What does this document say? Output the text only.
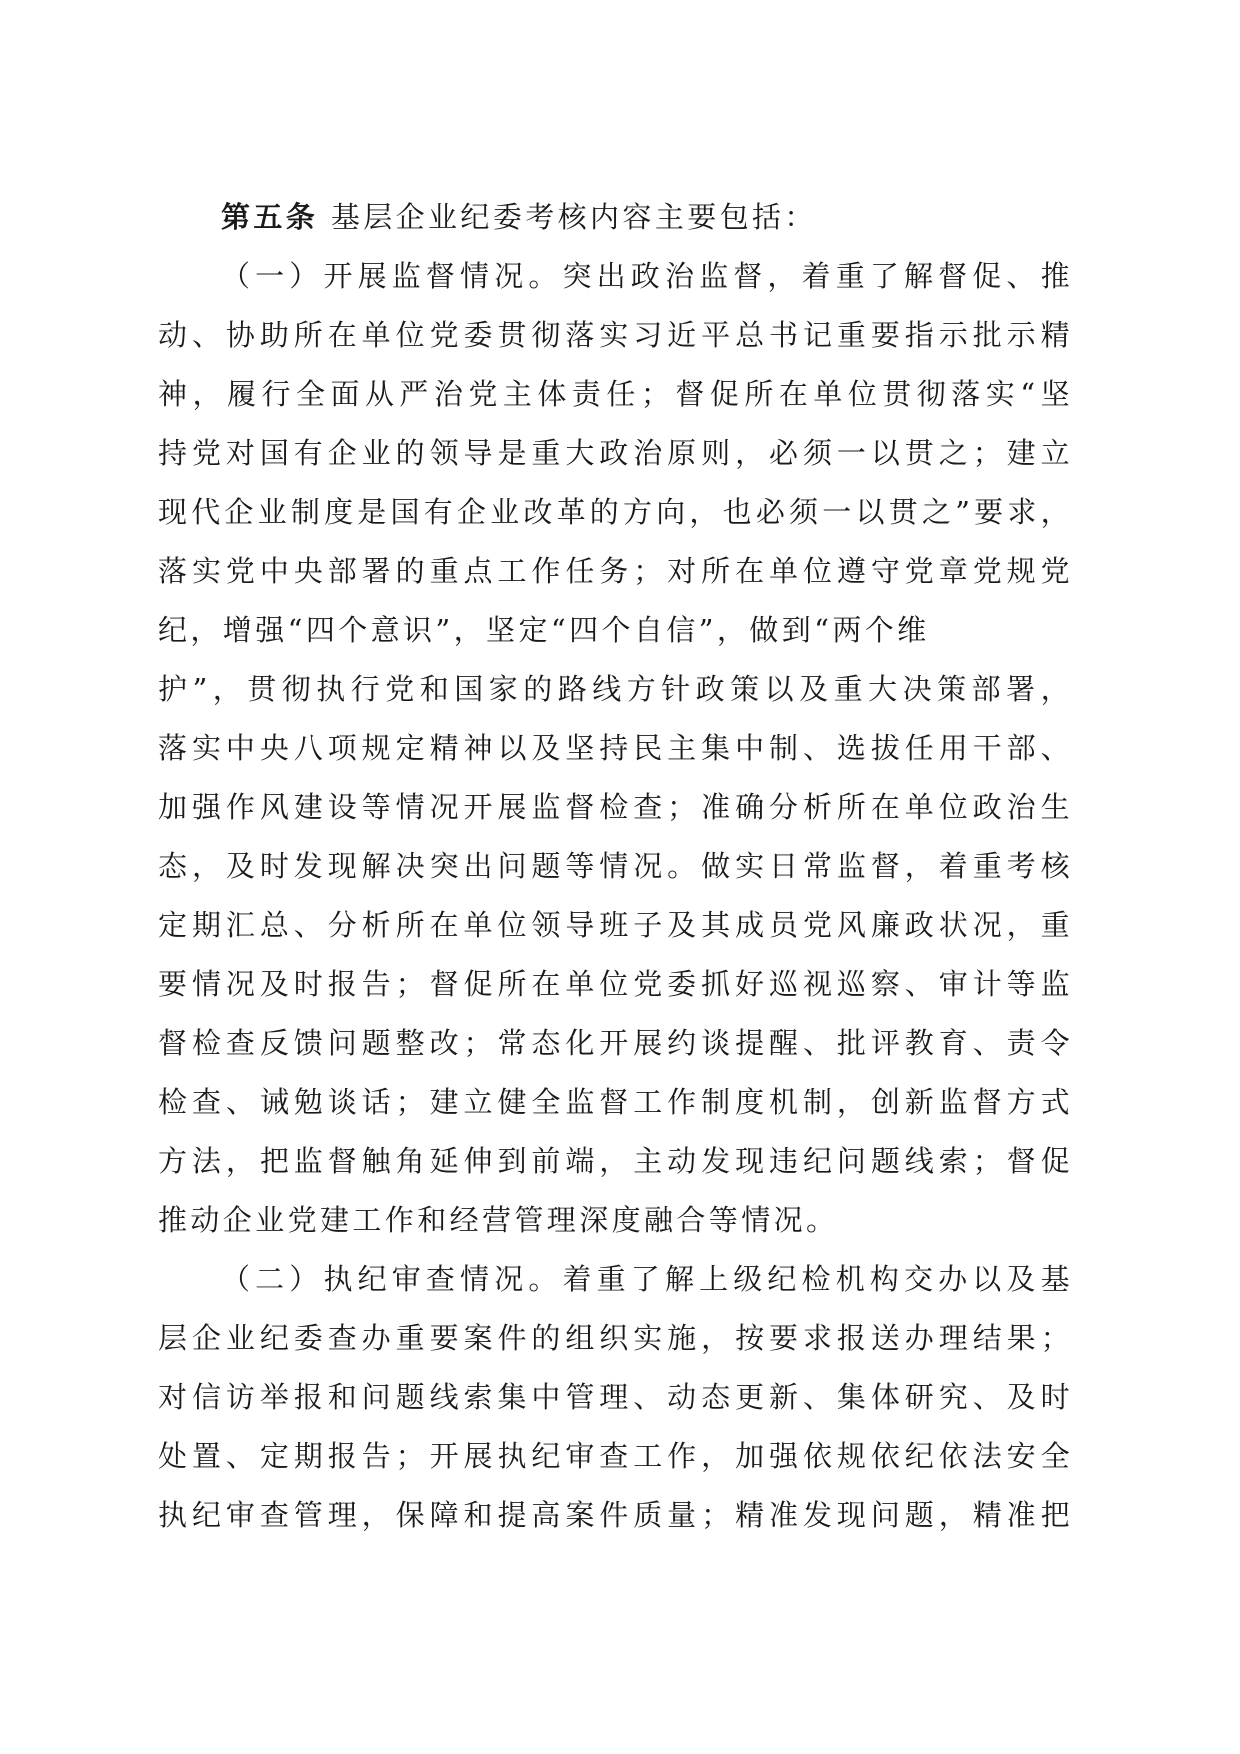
第五条 基层企业纪委考核内容主要包括：
（一）开展监督情况。突出政治监督，着重了解督促、推
动、协助所在单位党委贯彻落实习近平总书记重要指示批示精
神，履行全面从严治党主体责任；督促所在单位贯彻落实“坚
持党对国有企业的领导是重大政治原则，必须一以贯之；建立
现代企业制度是国有企业改革的方向，也必须一以贯之”要求，
落实党中央部署的重点工作任务；对所在单位遵守党章党规党
纪，增强“四个意识”，坚定“四个自信”，做到“两个维
护”，贯彻执行党和国家的路线方针政策以及重大决策部署，
落实中央八项规定精神以及坚持民主集中制、选拔任用干部、
加强作风建设等情况开展监督检查；准确分析所在单位政治生
态，及时发现解决突出问题等情况。做实日常监督，着重考核
定期汇总、分析所在单位领导班子及其成员党风廉政状况，重
要情况及时报告；督促所在单位党委抓好巡视巡察、审计等监
督检查反馈问题整改；常态化开展约谈提醒、批评教育、责令
检查、诫勉谈话；建立健全监督工作制度机制，创新监督方式
方法，把监督触角延伸到前端，主动发现违纪问题线索；督促
推动企业党建工作和经营管理深度融合等情况。
（二）执纪审查情况。着重了解上级纪检机构交办以及基
层企业纪委查办重要案件的组织实施，按要求报送办理结果；
对信访举报和问题线索集中管理、动态更新、集体研究、及时
处置、定期报告；开展执纪审查工作，加强依规依纪依法安全
执纪审查管理，保障和提高案件质量；精准发现问题，精准把
